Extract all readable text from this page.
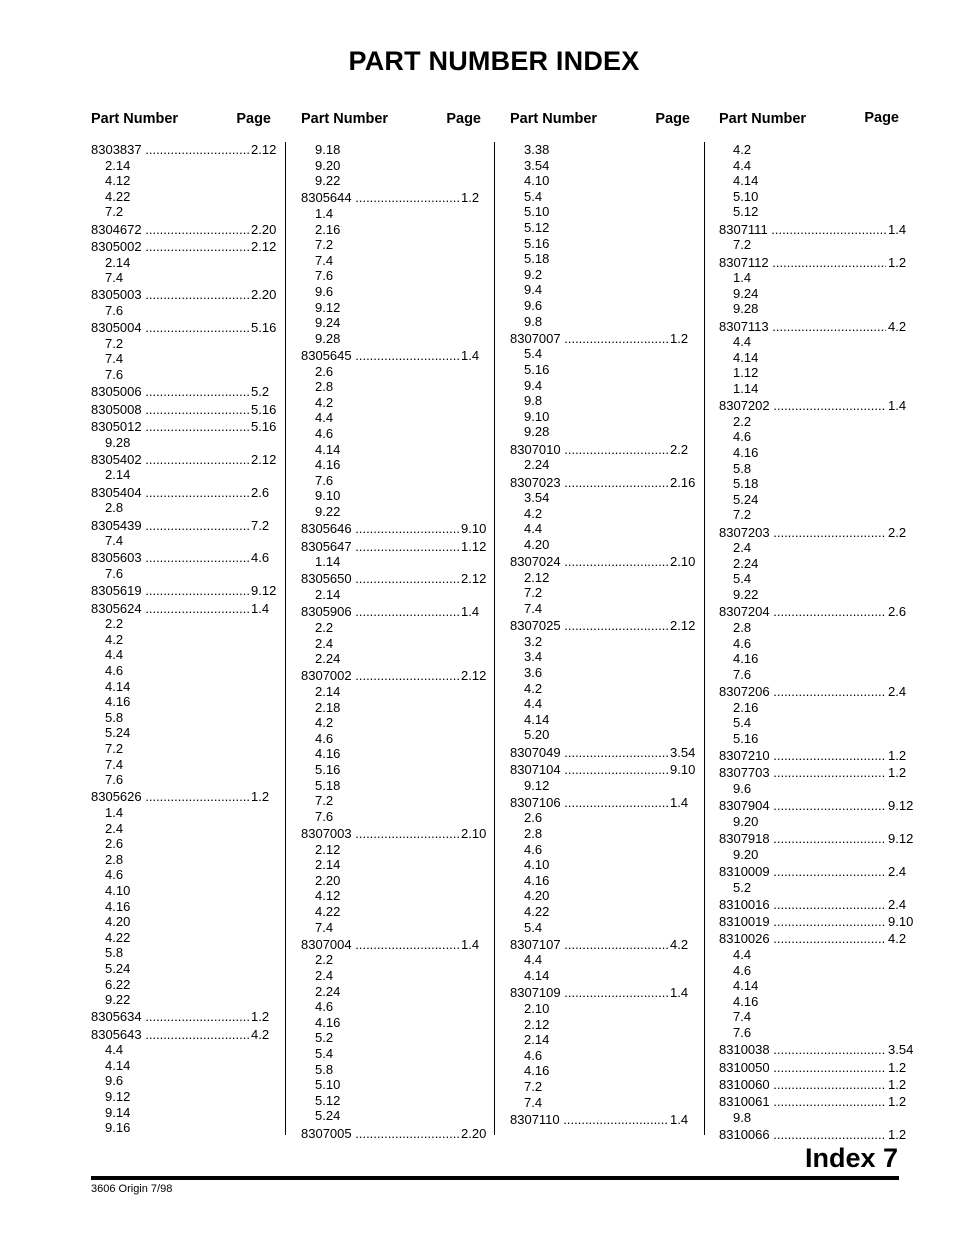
PART NUMBER INDEX
Part Number	Page
8303837 .....	2.12
2.14
4.12
4.22
7.2
8304672 .....	2.20
8305002 .....	2.12
2.14
7.4
8305003 .....	2.20
7.6
8305004 .....	5.16
7.2
7.4
7.6
8305006 .....	5.2
8305008 .....	5.16
8305012 .....	5.16
9.28
8305402 .....	2.12
2.14
8305404 .....	2.6
2.8
8305439 .....	7.2
7.4
8305603 .....	4.6
7.6
8305619 .....	9.12
8305624 .....	1.4
2.2
4.2
4.4
4.6
4.14
4.16
5.8
5.24
7.2
7.4
7.6
8305626 .....	1.2
1.4
2.4
2.6
2.8
4.6
4.10
4.16
4.20
4.22
5.8
5.24
6.22
9.22
8305634 .....	1.2
8305643 .....	4.2
4.4
4.14
9.6
9.12
9.14
9.16
Part Number	Page
9.18
9.20
9.22
8305644 .....	1.2
1.4
2.16
7.2
7.4
7.6
9.6
9.12
9.24
9.28
8305645 .....	1.4
2.6
2.8
4.2
4.4
4.6
4.14
4.16
7.6
9.10
9.22
8305646 .....	9.10
8305647 .....	1.12
1.14
8305650 .....	2.12
2.14
8305906 .....	1.4
2.2
2.4
2.24
8307002 .....	2.12
2.14
2.18
4.2
4.6
4.16
5.16
5.18
7.2
7.6
8307003 .....	2.10
2.12
2.14
2.20
4.12
4.22
7.4
8307004 .....	1.4
2.2
2.4
2.24
4.6
4.16
5.2
5.4
5.8
5.10
5.12
5.24
8307005 .....	2.20
Part Number	Page
3.38
3.54
4.10
5.4
5.10
5.12
5.16
5.18
9.2
9.4
9.6
9.8
8307007 .....	1.2
5.4
5.16
9.4
9.8
9.10
9.28
8307010 .....	2.2
2.24
8307023 .....	2.16
3.54
4.2
4.4
4.20
8307024 .....	2.10
2.12
7.2
7.4
8307025 .....	2.12
3.2
3.4
3.6
4.2
4.4
4.14
5.20
8307049 .....	3.54
8307104 .....	9.10
9.12
8307106 .....	1.4
2.6
2.8
4.6
4.10
4.16
4.20
4.22
5.4
8307107 .....	4.2
4.4
4.14
8307109 .....	1.4
2.10
2.12
2.14
4.6
4.16
7.2
7.4
8307110 .....	1.4
Part Number	Page
4.2
4.4
4.14
5.10
5.12
8307111 .....	1.4
7.2
8307112 .....	1.2
1.4
9.24
9.28
8307113 .....	4.2
4.4
4.14
1.12
1.14
8307202 .....	1.4
2.2
4.6
4.16
5.8
5.18
5.24
7.2
8307203 .....	2.2
2.4
2.24
5.4
9.22
8307204 .....	2.6
2.8
4.6
4.16
7.6
8307206 .....	2.4
2.16
5.4
5.16
8307210 .....	1.2
8307703 .....	1.2
9.6
8307904 .....	9.12
9.20
8307918 .....	9.12
9.20
8310009 .....	2.4
5.2
8310016 .....	2.4
8310019 .....	9.10
8310026 .....	4.2
4.4
4.6
4.14
4.16
7.4
7.6
8310038 .....	3.54
8310050 .....	1.2
8310060 .....	1.2
8310061 .....	1.2
9.8
8310066 .....	1.2
Index 7
3606 Origin 7/98
